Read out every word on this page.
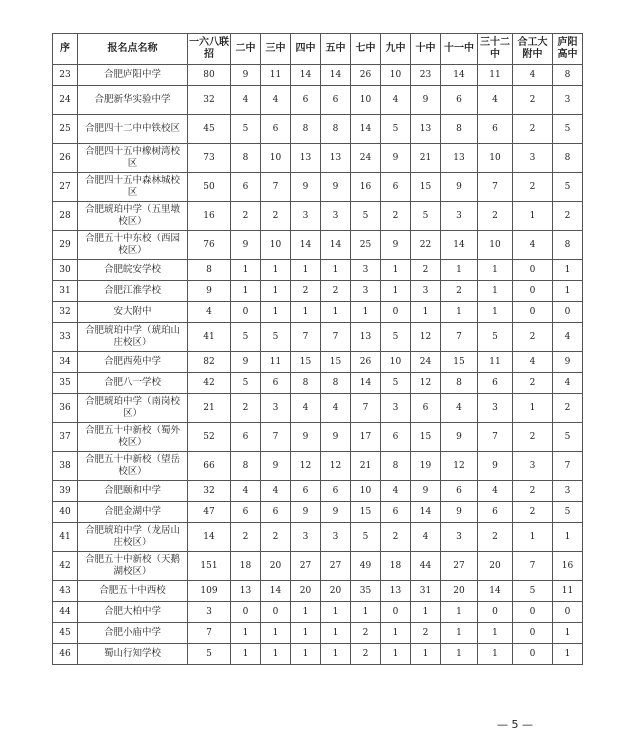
序	报名点名称	一六八联招	二中	三中	四中	五中	七中	九中	十中	十一中	三十二中	合工大附中	庐阳高中
23	合肥庐阳中学	80	9	11	14	14	26	10	23	14	11	4	8
24	合肥新华实验中学	32	4	4	6	6	10	4	9	6	4	2	3
25	合肥四十二中中铁校区	45	5	6	8	8	14	5	13	8	6	2	5
26	合肥四十五中橡树湾校区	73	8	10	13	13	24	9	21	13	10	3	8
27	合肥四十五中森林城校区	50	6	7	9	9	16	6	15	9	7	2	5
28	合肥琥珀中学（五里墩校区）	16	2	2	3	3	5	2	5	3	2	1	2
29	合肥五十中东校（西园校区）	76	9	10	14	14	25	9	22	14	10	4	8
30	合肥皖安学校	8	1	1	1	1	3	1	2	1	1	0	1
31	合肥江淮学校	9	1	1	2	2	3	1	3	2	1	0	1
32	安大附中	4	0	1	1	1	1	0	1	1	1	0	0
33	合肥琥珀中学（琥珀山庄校区）	41	5	5	7	7	13	5	12	7	5	2	4
34	合肥西苑中学	82	9	11	15	15	26	10	24	15	11	4	9
35	合肥八一学校	42	5	6	8	8	14	5	12	8	6	2	4
36	合肥琥珀中学（南岗校区）	21	2	3	4	4	7	3	6	4	3	1	2
37	合肥五十中新校（蜀外校区）	52	6	7	9	9	17	6	15	9	7	2	5
38	合肥五十中新校（望岳校区）	66	8	9	12	12	21	8	19	12	9	3	7
39	合肥颐和中学	32	4	4	6	6	10	4	9	6	4	2	3
40	合肥金湖中学	47	6	6	9	9	15	6	14	9	6	2	5
41	合肥琥珀中学（龙居山庄校区）	14	2	2	3	3	5	2	4	3	2	1	1
42	合肥五十中新校（天鹅湖校区）	151	18	20	27	27	49	18	44	27	20	7	16
43	合肥五十中西校	109	13	14	20	20	35	13	31	20	14	5	11
44	合肥大柏中学	3	0	0	1	1	1	0	1	1	0	0	0
45	合肥小庙中学	7	1	1	1	1	2	1	2	1	1	0	1
46	蜀山行知学校	5	1	1	1	1	2	1	1	1	1	0	1
— 5 —
